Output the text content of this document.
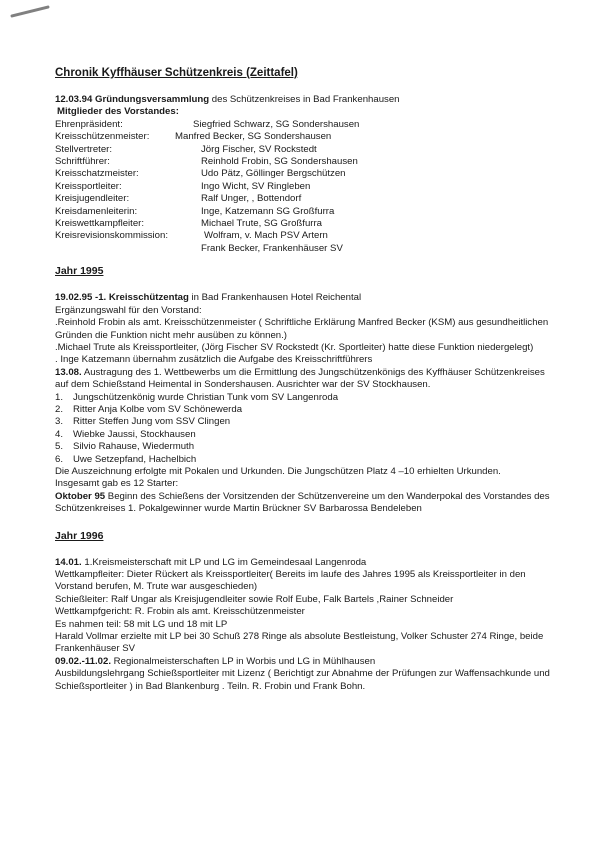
Chronik Kyffhäuser Schützenkreis (Zeittafel)

12.03.94 Gründungsversammlung des Schützenkreises in Bad Frankenhausen

Mitglieder des Vorstandes:

Ehrenpräsident:	Siegfried Schwarz, SG Sondershausen
Kreisschützenmeister:	Manfred Becker, SG Sondershausen
Stellvertreter:	Jörg Fischer, SV Rockstedt
Schriftführer:	Reinhold Frobin, SG Sondershausen
Kreisschatzmeister:	Udo Pätz, Göllinger Bergschützen
Kreissportleiter:	Ingo Wicht, SV Ringleben
Kreisjugendleiter:	Ralf Unger, , Bottendorf
Kreisdamenleiterin:	Inge, Katzemann SG Großfurra
Kreiswettkampfleiter:	Michael Trute, SG Großfurra
Kreisrevisionskommission:	Wolfram, v. Mach PSV Artern
Frank Becker, Frankenhäuser SV
Jahr 1995

19.02.95 -1. Kreisschützentag in Bad Frankenhausen Hotel Reichental

Ergänzungswahl für den Vorstand:

.Reinhold Frobin als amt. Kreisschützenmeister ( Schriftliche Erklärung Manfred Becker (KSM) aus gesundheitlichen Gründen die Funktion nicht mehr ausüben zu können.)

.Michael Trute als Kreissportleiter, (Jörg Fischer SV Rockstedt (Kr. Sportleiter) hatte diese Funktion niedergelegt)

. Inge Katzemann übernahm zusätzlich die Aufgabe des Kreisschriftführers

13.08. Austragung des 1. Wettbewerbs um die Ermittlung des Jungschützenkönigs des Kyffhäuser Schützenkreises auf dem Schießstand Heimental in Sondershausen. Ausrichter war der SV Stockhausen.

1.	Jungschützenkönig wurde Christian Tunk vom SV Langenroda
2.	Ritter Anja Kolbe vom SV Schönewerda
3.	Ritter Steffen Jung vom SSV Clingen
4.	Wiebke Jaussi, Stockhausen
5.	Silvio Rahause, Wiedermuth
6.	Uwe Setzepfand, Hachelbich

Die Auszeichnung erfolgte mit Pokalen und Urkunden. Die Jungschützen Platz 4 –10 erhielten Urkunden.

Insgesamt gab es 12 Starter:

Oktober 95 Beginn des Schießens der Vorsitzenden der Schützenvereine um den Wanderpokal des Vorstandes des Schützenkreises 1. Pokalgewinner wurde Martin Brückner SV Barbarossa Bendeleben

Jahr 1996

14.01. 1.Kreismeisterschaft mit LP und LG im Gemeindesaal Langenroda

Wettkampfleiter: Dieter Rückert als Kreissportleiter( Bereits im laufe des Jahres 1995 als Kreissportleiter in den Vorstand berufen, M. Trute war ausgeschieden)

Schießleiter: Ralf Ungar als Kreisjugendleiter sowie Rolf Eube, Falk Bartels ,Rainer Schneider

Wettkampfgericht: R. Frobin als amt. Kreisschützenmeister

Es nahmen teil: 58 mit LG und 18 mit LP

Harald Vollmar erzielte mit LP bei 30 Schuß 278 Ringe als absolute Bestleistung, Volker Schuster 274 Ringe, beide Frankenhäuser SV

09.02.-11.02. Regionalmeisterschaften LP in Worbis und LG in Mühlhausen

Ausbildungslehrgang Schießsportleiter mit Lizenz ( Berichtigt zur Abnahme der Prüfungen zur Waffensachkunde und Schießsportleiter ) in Bad Blankenburg . Teiln. R. Frobin und Frank Bohn.
